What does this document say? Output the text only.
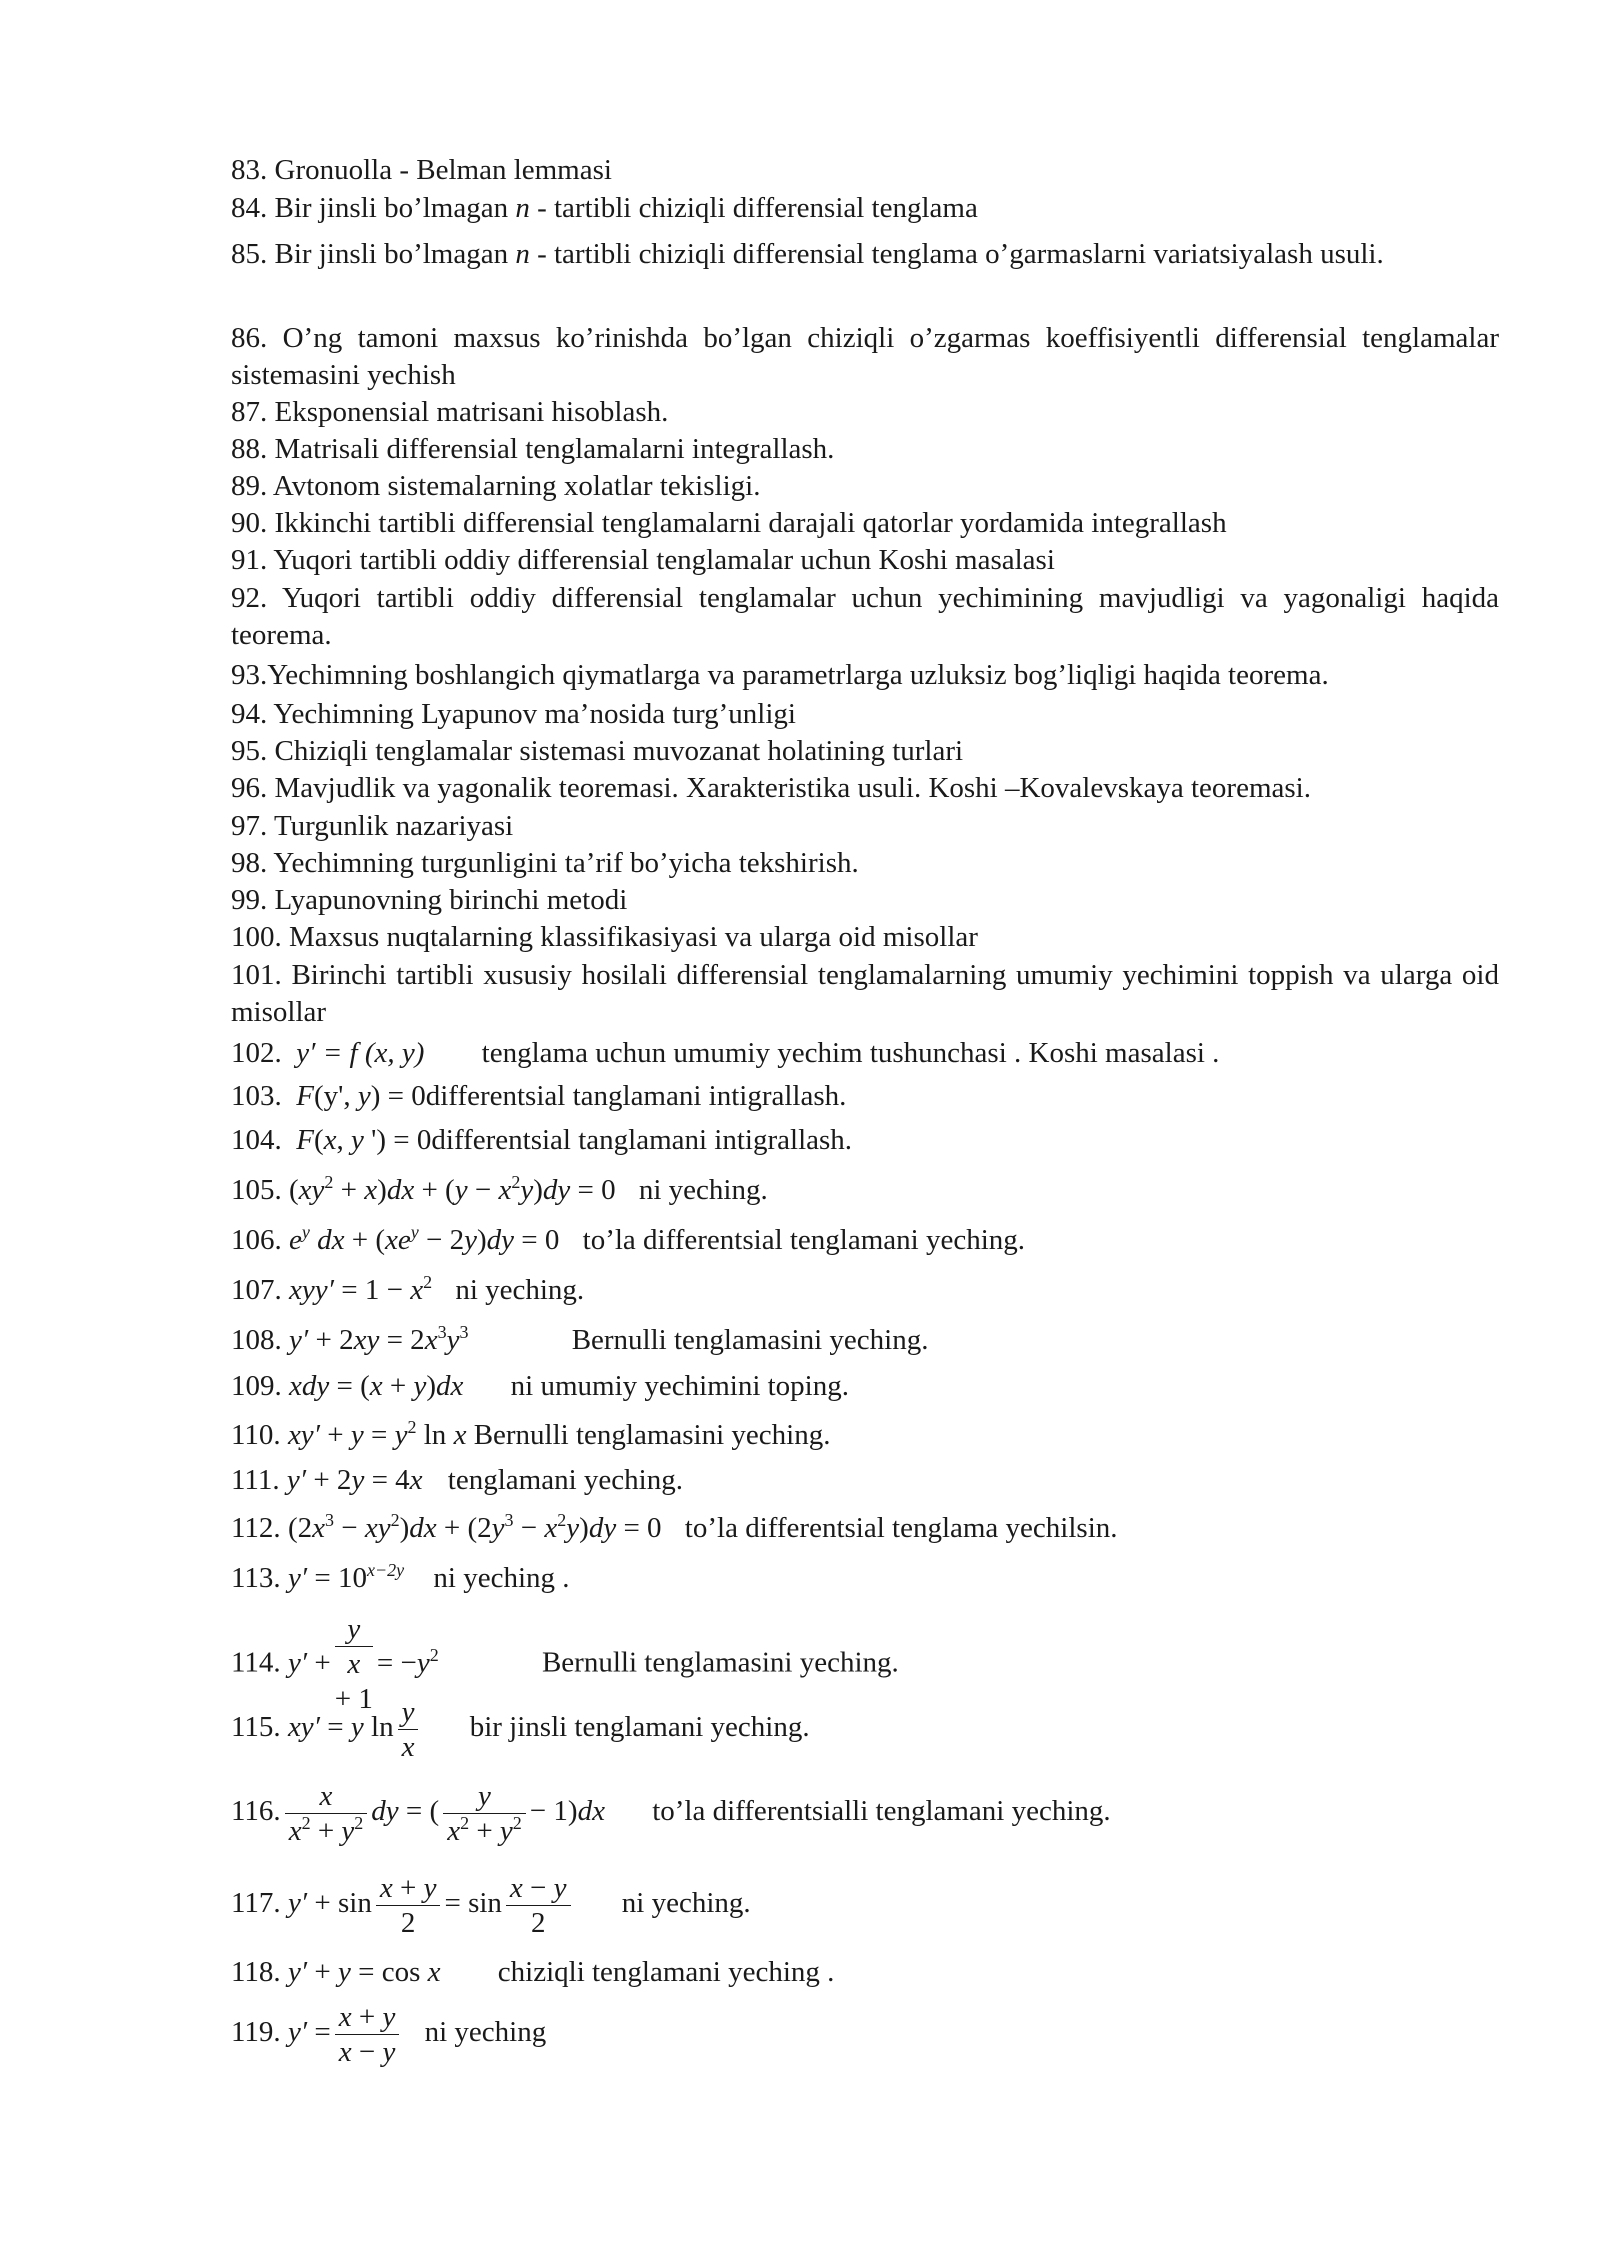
83. Gronuolla - Belman lemmasi
84. Bir jinsli bo’lmagan n - tartibli chiziqli differensial tenglama
85. Bir jinsli bo’lmagan n - tartibli chiziqli differensial tenglama o’garmaslarni variatsiyalash usuli.
86. O’ng tamoni maxsus ko’rinishda bo’lgan chiziqli o’zgarmas koeffisiyentli differensial tenglamalar sistemasini yechish
87. Eksponensial matrisani hisoblash.
88. Matrisali differensial tenglamalarni integrallash.
89. Avtonom sistemalarning xolatlar tekisligi.
90. Ikkinchi tartibli differensial tenglamalarni darajali qatorlar yordamida integrallash
91. Yuqori tartibli oddiy differensial tenglamalar uchun Koshi masalasi
92. Yuqori tartibli oddiy differensial tenglamalar uchun yechimining mavjudligi va yagonaligi haqida teorema.
93.Yechimning boshlangich qiymatlarga va parametrlarga uzluksiz bog’liqligi haqida teorema.
94. Yechimning Lyapunov ma’nosida turg’unligi
95. Chiziqli tenglamalar sistemasi muvozanat holatining turlari
96. Mavjudlik va yagonalik teoremasi. Xarakteristika usuli. Koshi –Kovalevskaya teoremasi.
97. Turgunlik nazariyasi
98. Yechimning turgunligini ta’rif bo’yicha tekshirish.
99. Lyapunovning birinchi metodi
100. Maxsus nuqtalarning klassifikasiyasi va ularga oid misollar
101. Birinchi tartibli xususiy hosilali differensial tenglamalarning umumiy yechimini toppish va ularga oid misollar
102.  y′ = f (x, y) tenglama uchun umumiy yechim tushunchasi . Koshi masalasi .
103. F(y', y) = 0differentsial tanglamani intigrallash.
104. F(x, y ') = 0differentsial tanglamani intigrallash.
105. $(xy^2 + x)dx + (y - x^2y)dy = 0$ ni yeching.
106. $e^y$ dx + $(xe^y - 2y)dy = 0$ to’la differentsial tenglamani yeching.
107. $xyy' = 1 - x^2$ ni yeching.
108. $y' + 2xy = 2x^3y^3$	Bernulli tenglamasini yeching.
109. xdy = (x + y)dx ni umumiy yechimini toping.
110. $xy' + y = y^2$ ln x Bernulli tenglamasini yeching.
111. y′ + 2y = 4x tenglamani yeching.
112. $(2x^3 - xy^2)dx + (2y^3 - x^2y)dy = 0$ to’la differentsial tenglama yechilsin.
113. $y' = 10^{x-2y}$ ni yeching .
114. y′ +
y
x
+ $1= -y^2$	Bernulli tenglamasini yeching.
115. xy′ = y $\ln \frac{y}{x}$ bir jinsli tenglamani yeching.
116. $\frac{x}{x^2 + y^2}$ dy = ( $\frac{y}{x^2 + y^2} - 1)dx$ to’la differentsialli tenglamani yeching.
117. $y' + \sin \frac{x + y}{2} = \sin \frac{x - y}{2}$ ni yeching.
118. y′ + y = cos x chiziqli tenglamani yeching .
119. $y' = \frac{x + y}{x - y}$ ni yeching
